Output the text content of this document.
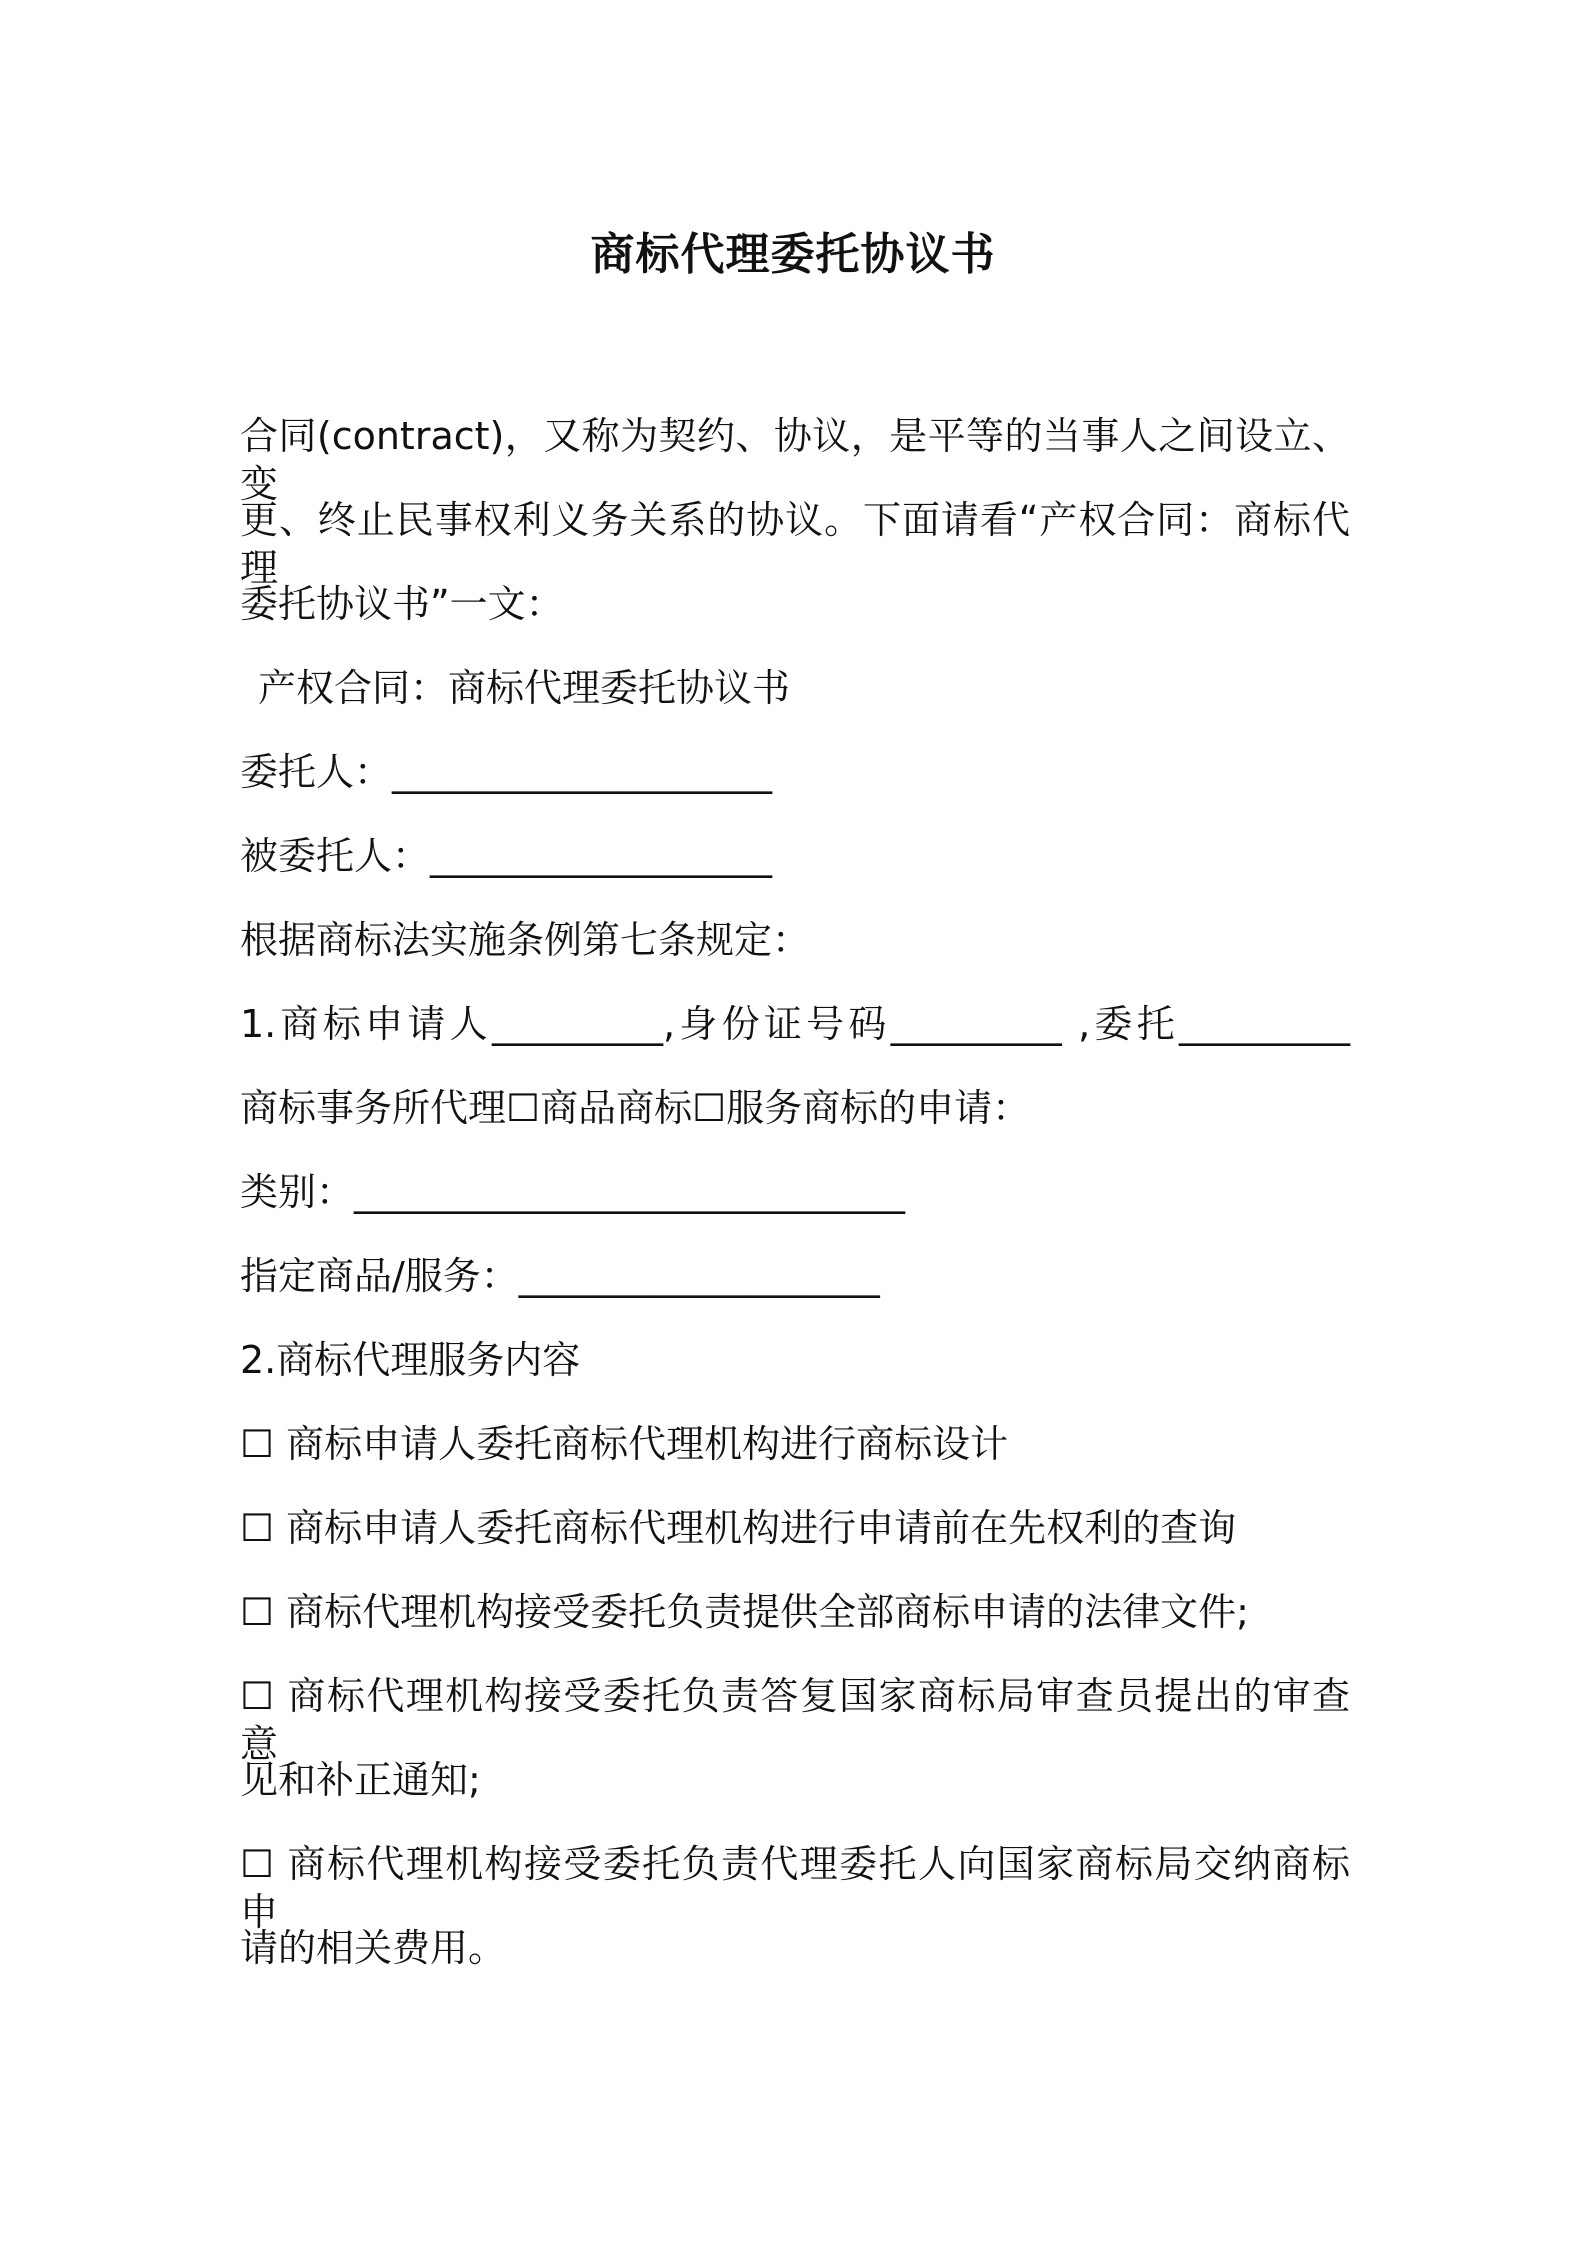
商标代理委托协议书
合同(contract)，又称为契约、协议，是平等的当事人之间设立、变
更、终止民事权利义务关系的协议。下面请看“产权合同：商标代理
委托协议书”一文：
产权合同：商标代理委托协议书
委托人：____________________
被委托人：__________________
根据商标法实施条例第七条规定：
1.商标申请人_________,身份证号码_________ ,委托_________
商标事务所代理☐商品商标☐服务商标的申请：
类别：_____________________________
指定商品/服务：___________________
2.商标代理服务内容
☐ 商标申请人委托商标代理机构进行商标设计
☐ 商标申请人委托商标代理机构进行申请前在先权利的查询
☐ 商标代理机构接受委托负责提供全部商标申请的法律文件;
☐ 商标代理机构接受委托负责答复国家商标局审查员提出的审查意
见和补正通知;
☐ 商标代理机构接受委托负责代理委托人向国家商标局交纳商标申
请的相关费用。
